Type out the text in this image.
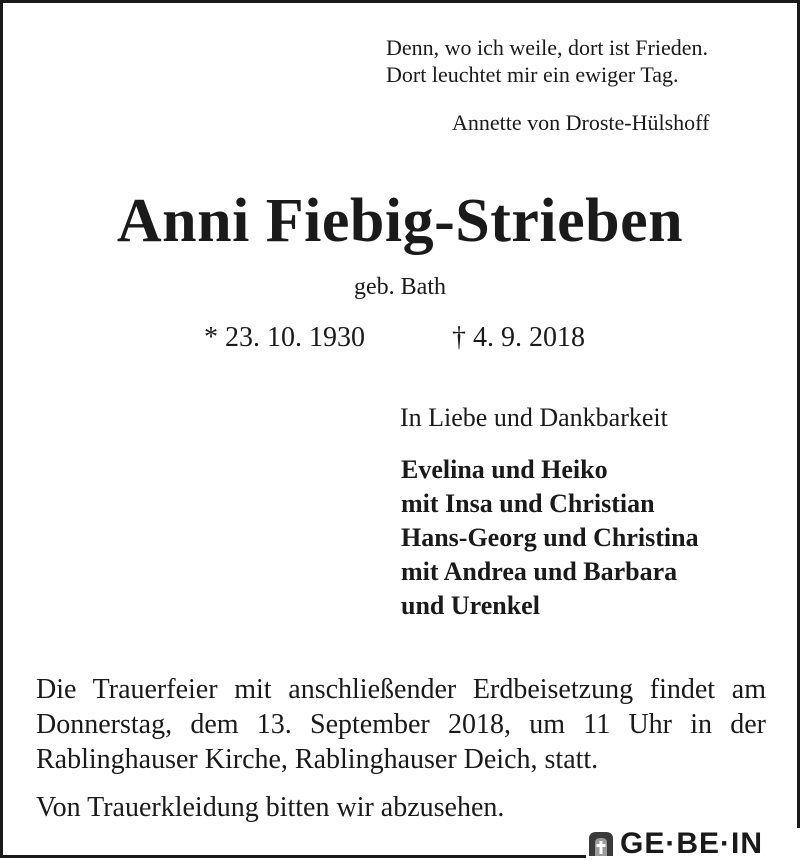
Denn, wo ich weile, dort ist Frieden.
Dort leuchtet mir ein ewiger Tag.
Annette von Droste-Hülshoff
Anni Fiebig-Strieben
geb. Bath
* 23. 10. 1930	† 4. 9. 2018
In Liebe und Dankbarkeit
Evelina und Heiko
mit Insa und Christian
Hans-Georg und Christina
mit Andrea und Barbara
und Urenkel
Die Trauerfeier mit anschließender Erdbeisetzung findet am
Donnerstag, dem 13. September 2018, um 11 Uhr in der
Rablinghauser Kirche, Rablinghauser Deich, statt.
Von Trauerkleidung bitten wir abzusehen.
GE·BE·IN
